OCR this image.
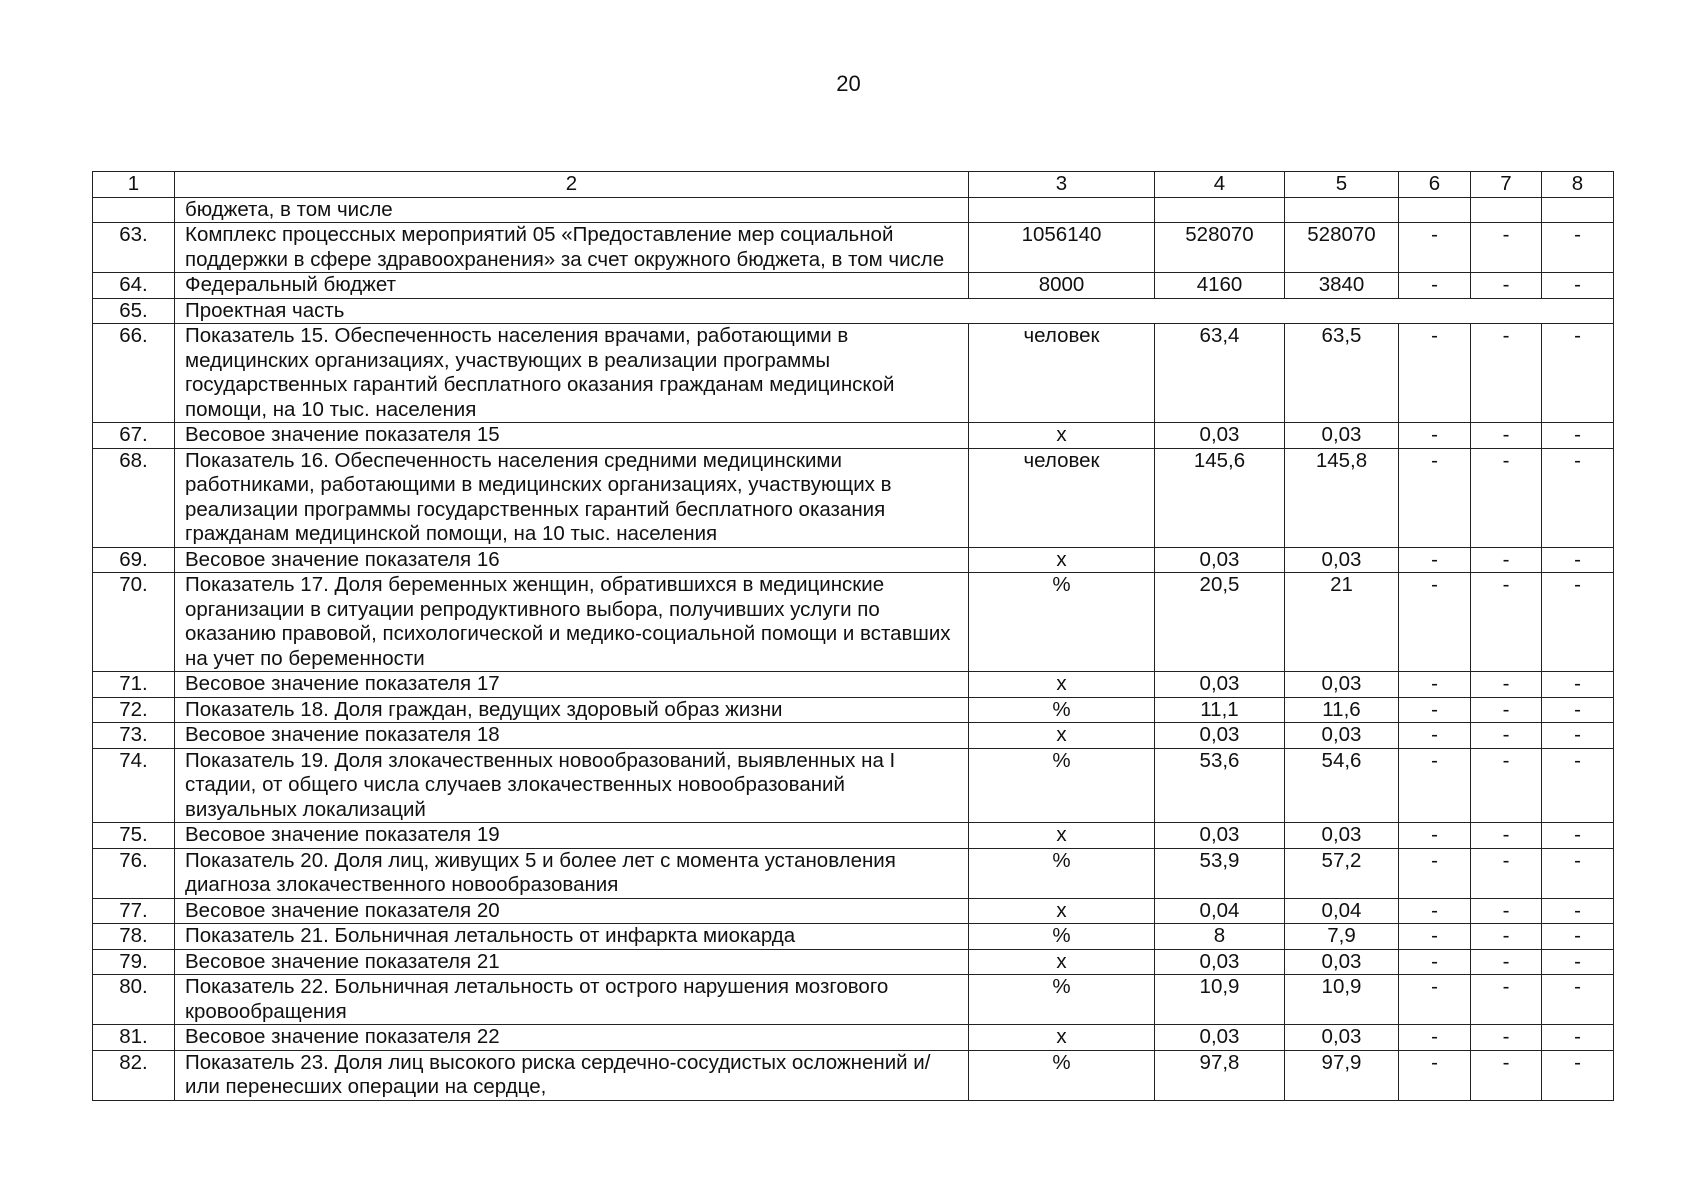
20
1	2	3	4	5	6	7	8
	бюджета, в том числе						
63.	Комплекс процессных мероприятий 05 «Предоставление мер социальной поддержки в сфере здравоохранения» за счет окружного бюджета, в том числе	1056140	528070	528070	-	-	-
64.	Федеральный бюджет	8000	4160	3840	-	-	-
65.	Проектная часть						
66.	Показатель 15. Обеспеченность населения врачами, работающими в медицинских организациях, участвующих в реализации программы государственных гарантий бесплатного оказания гражданам медицинской помощи, на 10 тыс. населения	человек	63,4	63,5	-	-	-
67.	Весовое значение показателя 15	х	0,03	0,03	-	-	-
68.	Показатель 16. Обеспеченность населения средними медицинскими работниками, работающими в медицинских организациях, участвующих в реализации программы государственных гарантий бесплатного оказания гражданам медицинской помощи, на 10 тыс. населения	человек	145,6	145,8	-	-	-
69.	Весовое значение показателя 16	х	0,03	0,03	-	-	-
70.	Показатель 17. Доля беременных женщин, обратившихся в медицинские организации в ситуации репродуктивного выбора, получивших услуги по оказанию правовой, психологической и медико-социальной помощи и вставших на учет по беременности	%	20,5	21	-	-	-
71.	Весовое значение показателя 17	х	0,03	0,03	-	-	-
72.	Показатель 18. Доля граждан, ведущих здоровый образ жизни	%	11,1	11,6	-	-	-
73.	Весовое значение показателя 18	х	0,03	0,03	-	-	-
74.	Показатель 19. Доля злокачественных новообразований, выявленных на I стадии, от общего числа случаев злокачественных новообразований визуальных локализаций	%	53,6	54,6	-	-	-
75.	Весовое значение показателя 19	х	0,03	0,03	-	-	-
76.	Показатель 20. Доля лиц, живущих 5 и более лет с момента установления диагноза злокачественного новообразования	%	53,9	57,2	-	-	-
77.	Весовое значение показателя 20	х	0,04	0,04	-	-	-
78.	Показатель 21. Больничная летальность от инфаркта миокарда	%	8	7,9	-	-	-
79.	Весовое значение показателя 21	х	0,03	0,03	-	-	-
80.	Показатель 22. Больничная летальность от острого нарушения мозгового кровообращения	%	10,9	10,9	-	-	-
81.	Весовое значение показателя 22	х	0,03	0,03	-	-	-
82.	Показатель 23. Доля лиц высокого риска сердечно-сосудистых осложнений и/или перенесших операции на сердце,	%	97,8	97,9	-	-	-
